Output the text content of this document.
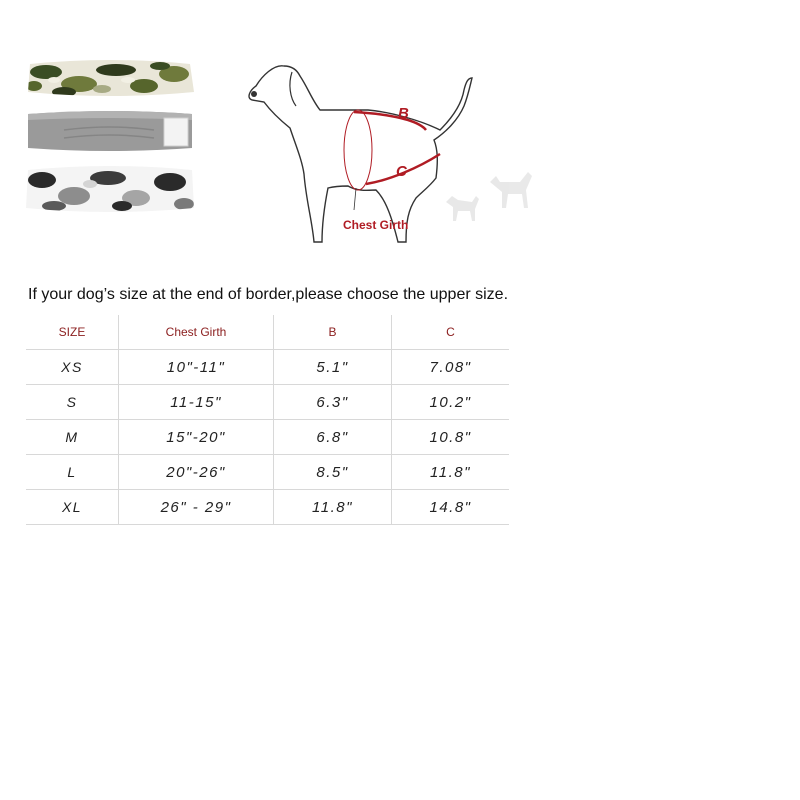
B
C
Chest Girth

If your dog’s size at the end of border,please choose the upper size.

SIZE	Chest Girth	B	C
XS	10"-11"	5.1"	7.08"
S	11-15"	6.3"	10.2"
M	15"-20"	6.8"	10.8"
L	20"-26"	8.5"	11.8"
XL	26" - 29"	11.8"	14.8"
